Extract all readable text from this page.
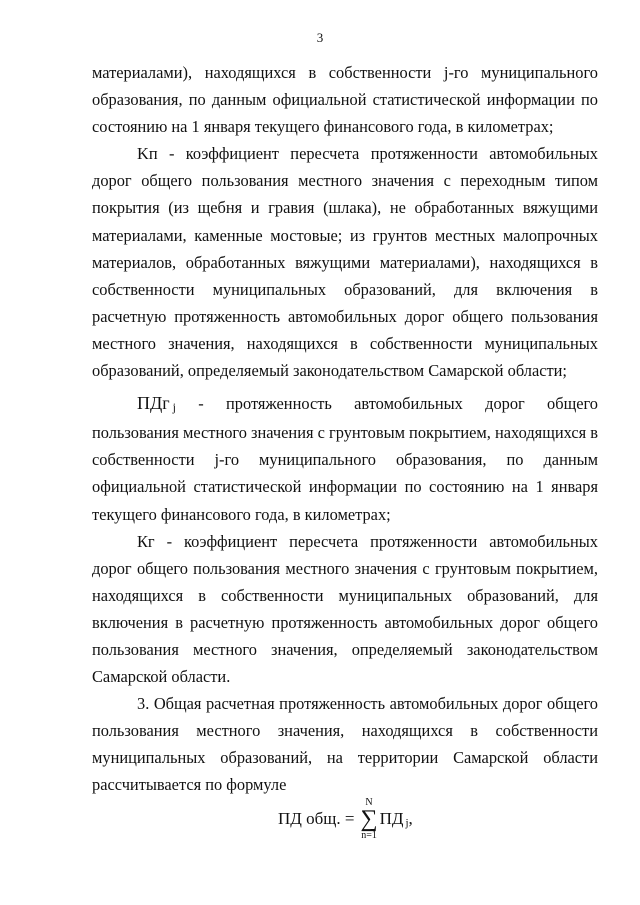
3

материалами), находящихся в собственности j-го муниципального образования, по данным официальной статистической информации по состоянию на 1 января текущего финансового года, в километрах;

Kп - коэффициент пересчета протяженности автомобильных дорог общего пользования местного значения с переходным типом покрытия (из щебня и гравия (шлака), не обработанных вяжущими материалами, каменные мостовые; из грунтов местных малопрочных материалов, обработанных вяжущими материалами), находящихся в собственности муниципальных образований, для включения в расчетную протяженность автомобильных дорог общего пользования местного значения, находящихся в собственности муниципальных образований, определяемый законодательством Самарской области;

ПДг j - протяженность автомобильных дорог общего пользования местного значения с грунтовым покрытием, находящихся в собственности j-го муниципального образования, по данным официальной статистической информации по состоянию на 1 января текущего финансового года, в километрах;

Кг - коэффициент пересчета протяженности автомобильных дорог общего пользования местного значения с грунтовым покрытием, находящихся в собственности муниципальных образований, для включения в расчетную протяженность автомобильных дорог общего пользования местного значения, определяемый законодательством Самарской области.

3. Общая расчетная протяженность автомобильных дорог общего пользования местного значения, находящихся в собственности муниципальных образований, на территории Самарской области рассчитывается по формуле

ПД общ. =
N
∑
n=1
ПД j ,
